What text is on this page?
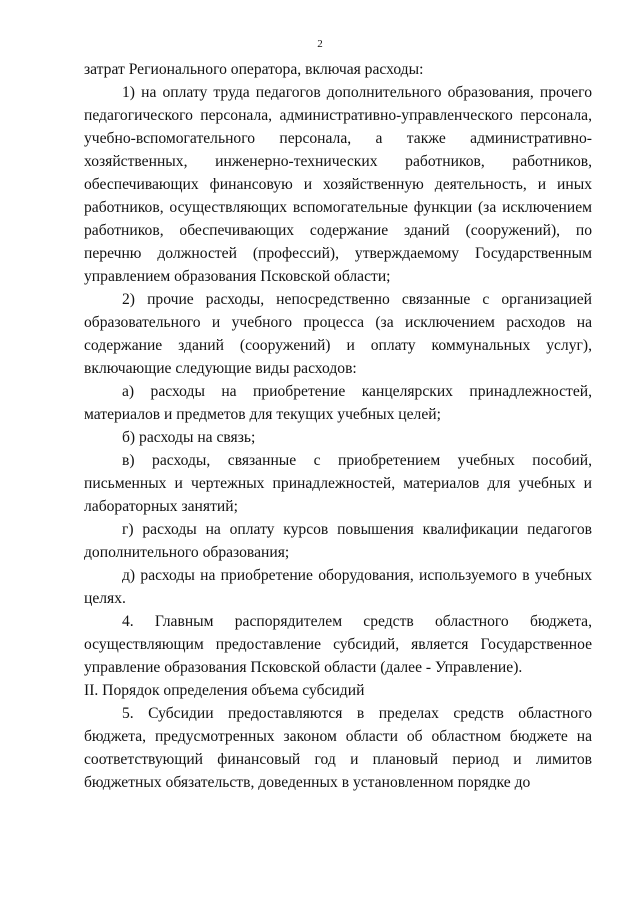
2

затрат Регионального оператора, включая расходы:

1) на оплату труда педагогов дополнительного образования, прочего педагогического персонала, административно-управленческого персонала, учебно-вспомогательного персонала, а также административно-хозяйственных, инженерно-технических работников, работников, обеспечивающих финансовую и хозяйственную деятельность, и иных работников, осуществляющих вспомогательные функции (за исключением работников, обеспечивающих содержание зданий (сооружений), по перечню должностей (профессий), утверждаемому Государственным управлением образования Псковской области;

2) прочие расходы, непосредственно связанные с организацией образовательного и учебного процесса (за исключением расходов на содержание зданий (сооружений) и оплату коммунальных услуг), включающие следующие виды расходов:

а) расходы на приобретение канцелярских принадлежностей, материалов и предметов для текущих учебных целей;

б) расходы на связь;

в) расходы, связанные с приобретением учебных пособий, письменных и чертежных принадлежностей, материалов для учебных и лабораторных занятий;

г) расходы на оплату курсов повышения квалификации педагогов дополнительного образования;

д) расходы на приобретение оборудования, используемого в учебных целях.

4. Главным распорядителем средств областного бюджета, осуществляющим предоставление субсидий, является Государственное управление образования Псковской области (далее - Управление).

II. Порядок определения объема субсидий

5. Субсидии предоставляются в пределах средств областного бюджета, предусмотренных законом области об областном бюджете на соответствующий финансовый год и плановый период и лимитов бюджетных обязательств, доведенных в установленном порядке до
